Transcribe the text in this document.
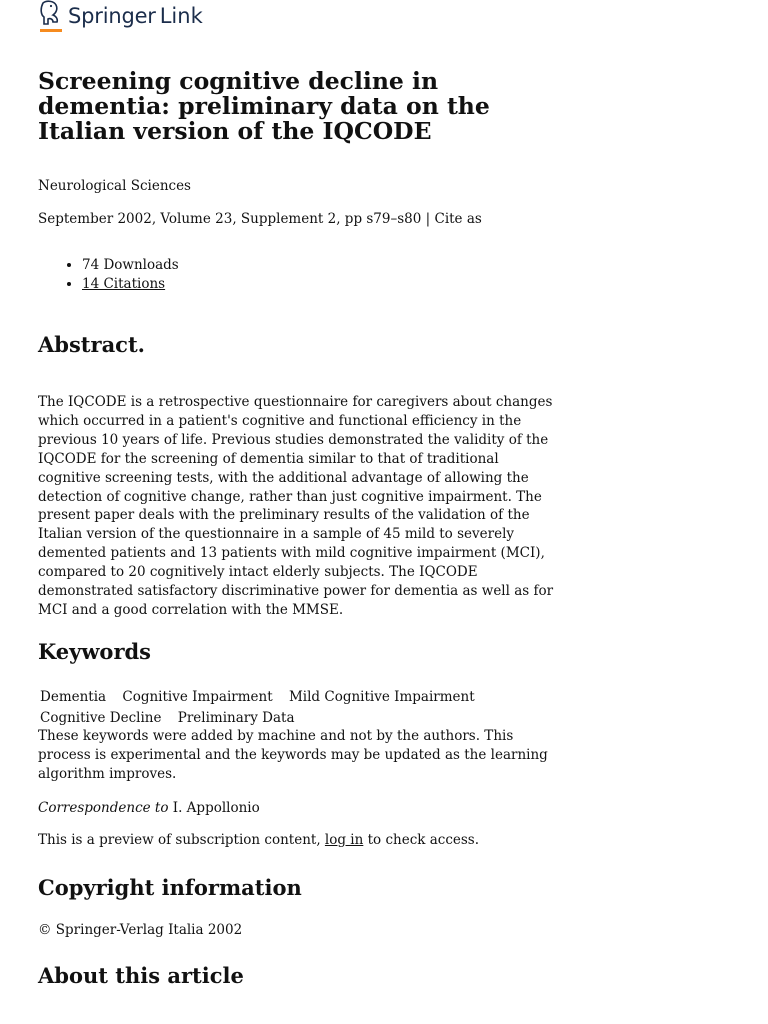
Springer Link
Screening cognitive decline in dementia: preliminary data on the Italian version of the IQCODE
Neurological Sciences
September 2002, Volume 23, Supplement 2, pp s79–s80 | Cite as
• 74 Downloads
• 14 Citations
Abstract.
The IQCODE is a retrospective questionnaire for caregivers about changes which occurred in a patient's cognitive and functional efficiency in the previous 10 years of life. Previous studies demonstrated the validity of the IQCODE for the screening of dementia similar to that of traditional cognitive screening tests, with the additional advantage of allowing the detection of cognitive change, rather than just cognitive impairment. The present paper deals with the preliminary results of the validation of the Italian version of the questionnaire in a sample of 45 mild to severely demented patients and 13 patients with mild cognitive impairment (MCI), compared to 20 cognitively intact elderly subjects. The IQCODE demonstrated satisfactory discriminative power for dementia as well as for MCI and a good correlation with the MMSE.
Keywords
Dementia Cognitive Impairment Mild Cognitive Impairment
Cognitive Decline Preliminary Data
These keywords were added by machine and not by the authors. This process is experimental and the keywords may be updated as the learning algorithm improves.
Correspondence to I. Appollonio
This is a preview of subscription content, log in to check access.
Copyright information
© Springer-Verlag Italia 2002
About this article
